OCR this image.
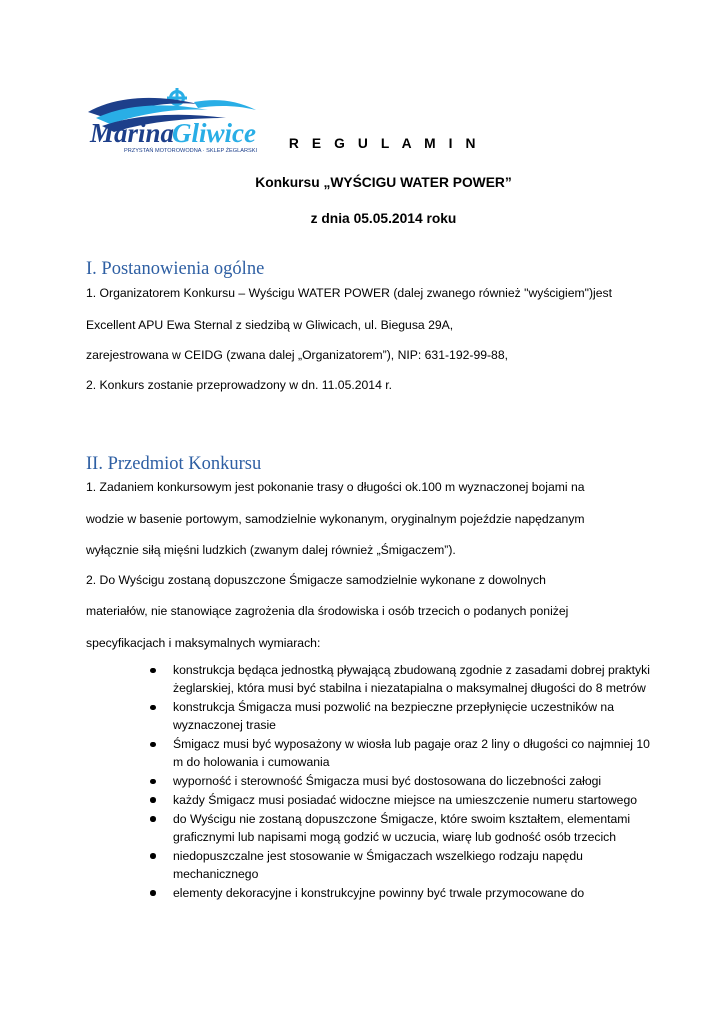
Marina
Gliwice
PRZYSTAŃ MOTOROWODNA · SKLEP ŻEGLARSKI	R E G U L A M I N
Konkursu „WYŚCIGU WATER POWER”
z dnia 05.05.2014 roku
I. Postanowienia ogólne
1. Organizatorem Konkursu – Wyścigu WATER POWER (dalej zwanego również "wyścigiem")jest
Excellent APU Ewa Sternal z siedzibą w Gliwicach, ul. Biegusa 29A,
zarejestrowana w CEIDG (zwana dalej „Organizatorem”), NIP: 631-192-99-88,
2. Konkurs zostanie przeprowadzony w dn. 11.05.2014 r.
II. Przedmiot Konkursu
1. Zadaniem konkursowym jest pokonanie trasy o długości ok.100 m wyznaczonej bojami na
wodzie w basenie portowym, samodzielnie wykonanym, oryginalnym pojeździe napędzanym
wyłącznie siłą mięśni ludzkich (zwanym dalej również „Śmigaczem”).
2. Do Wyścigu zostaną dopuszczone Śmigacze samodzielnie wykonane z dowolnych
materiałów, nie stanowiące zagrożenia dla środowiska i osób trzecich o podanych poniżej
specyfikacjach i maksymalnych wymiarach:
konstrukcja będąca jednostką pływającą zbudowaną zgodnie z zasadami dobrej praktyki żeglarskiej, która musi być stabilna i niezatapialna o maksymalnej długości do 8 metrów
konstrukcja Śmigacza musi pozwolić na bezpieczne przepłynięcie uczestników na wyznaczonej trasie
Śmigacz musi być wyposażony w wiosła lub pagaje oraz 2 liny o długości co najmniej 10 m do holowania i cumowania
wyporność i sterowność Śmigacza musi być dostosowana do liczebności załogi
każdy Śmigacz musi posiadać widoczne miejsce na umieszczenie numeru startowego
do Wyścigu nie zostaną dopuszczone Śmigacze, które swoim kształtem, elementami graficznymi lub napisami mogą godzić w uczucia, wiarę lub godność osób trzecich
niedopuszczalne jest stosowanie w Śmigaczach wszelkiego rodzaju napędu mechanicznego
elementy dekoracyjne i konstrukcyjne powinny być trwale przymocowane do
